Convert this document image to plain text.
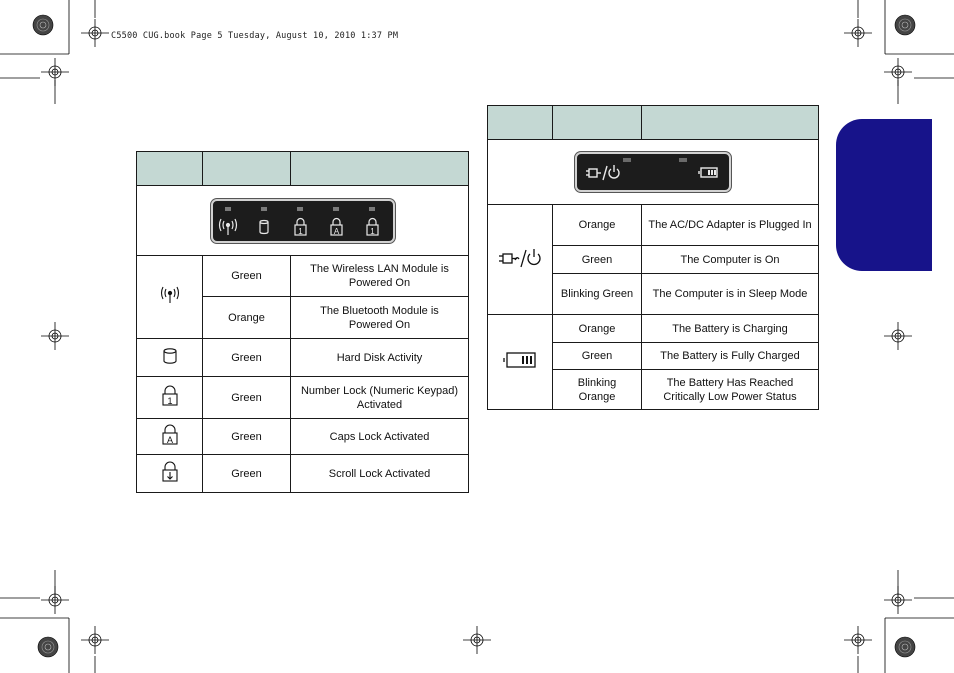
C5500 CUG.book Page 5 Tuesday, August 10, 2010 1:37 PM

1 A 1		

	Green	The Wireless LAN Module is Powered On
	Orange	The Bluetooth Module is Powered On
	Green	Hard Disk Activity

1	Green	Number Lock (Numeric Keypad) Activated

A	Green	Caps Lock Activated
	Green	Scroll Lock Activated

	Orange	The AC/DC Adapter is Plugged In
	Green	The Computer is On
	Blinking Green	The Computer is in Sleep Mode
	Orange	The Battery is Charging
	Green	The Battery is Fully Charged
	Blinking Orange	The Battery Has Reached Critically Low Power Status
